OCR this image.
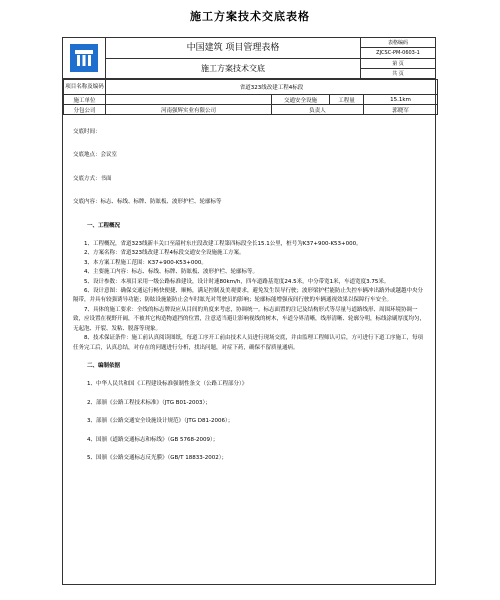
施工方案技术交底表格
中国建筑 项目管理表格
施工方案技术交底
表格编码
ZJCSC-PM-0603-1
第 页
共 页
项目名称及编码	省道323线改建工程4标段			
施工单位		交通安全设施	工程量	15.1km
分包公司	河南强辉实业有限公司	负责人		郭晓军

交底时间：

交底地点：会议室

交底方式：书面

交底内容：标志、标线、标牌、防眩板、波形护栏、轮廓标等

一、工程概况

1、工程概况，省道323线新丰关口至韶村东庄段改建工程第四标段全长15.1公里，桩号为K37+900-K53+000。

2、方案名称：省道323线改建工程4标段交通安全设施施工方案。

3、本方案工程施工范围：K37+900-K53+000。

4、主要施工内容：标志、标线、标牌、防眩板、波形护栏、轮廓标等。

5、设计参数：本项目采用一级公路标准建设，设计时速80km/h，四车道路基宽度24.5米，中分带宽1米，车道宽度3.75米。

6、设计意图：确保交通运行畅快便捷、顺畅，满足控制及美观要求，避免发生误导行驶；波形梁护栏能防止失控车辆冲出路外或越越中央分隔带，并具有较强诱导功能；防眩设施能防止会车时眩光对驾驶员的影响；轮廓标能增强夜间行驶的车辆通视效果以保障行车安全。

7、具体的施工要求：全线的标志牌设应从目间的角度来考虑，协调统一。标志面置的注记及结构形式等尽量与道路线形、周围环境协调一致，应设置在视野开阔，不被其它构造物遮挡的位置，注意适当避让影响视线的树木，车道分界清晰，线形清晰、轮廓分明，标线涂刷厚度均匀，无起泡、开裂、发粘、脱落等现象。

8、技术保证条件：施工前认真阅读图纸，每道工序开工前由技术人员进行现场交底，并由监理工程师认可后，方可进行下道工序施工，每项任务完工后，认真总结，对存在的问题进行分析，找出问题，对症下药，确保不留质量通病。

二、编制依据

1、中华人民共和国《工程建设标准强制性条文（公路工程部分）》

2、部颁《公路工程技术标准》（JTG B01-2003）；

3、部颁《公路交通安全设施设计规范》（JTG D81-2006）；

4、国颁《道路交通标志和标线》（GB 5768-2009）；

5、国颁《公路交通标志反光膜》（GB/T 18833-2002）；
